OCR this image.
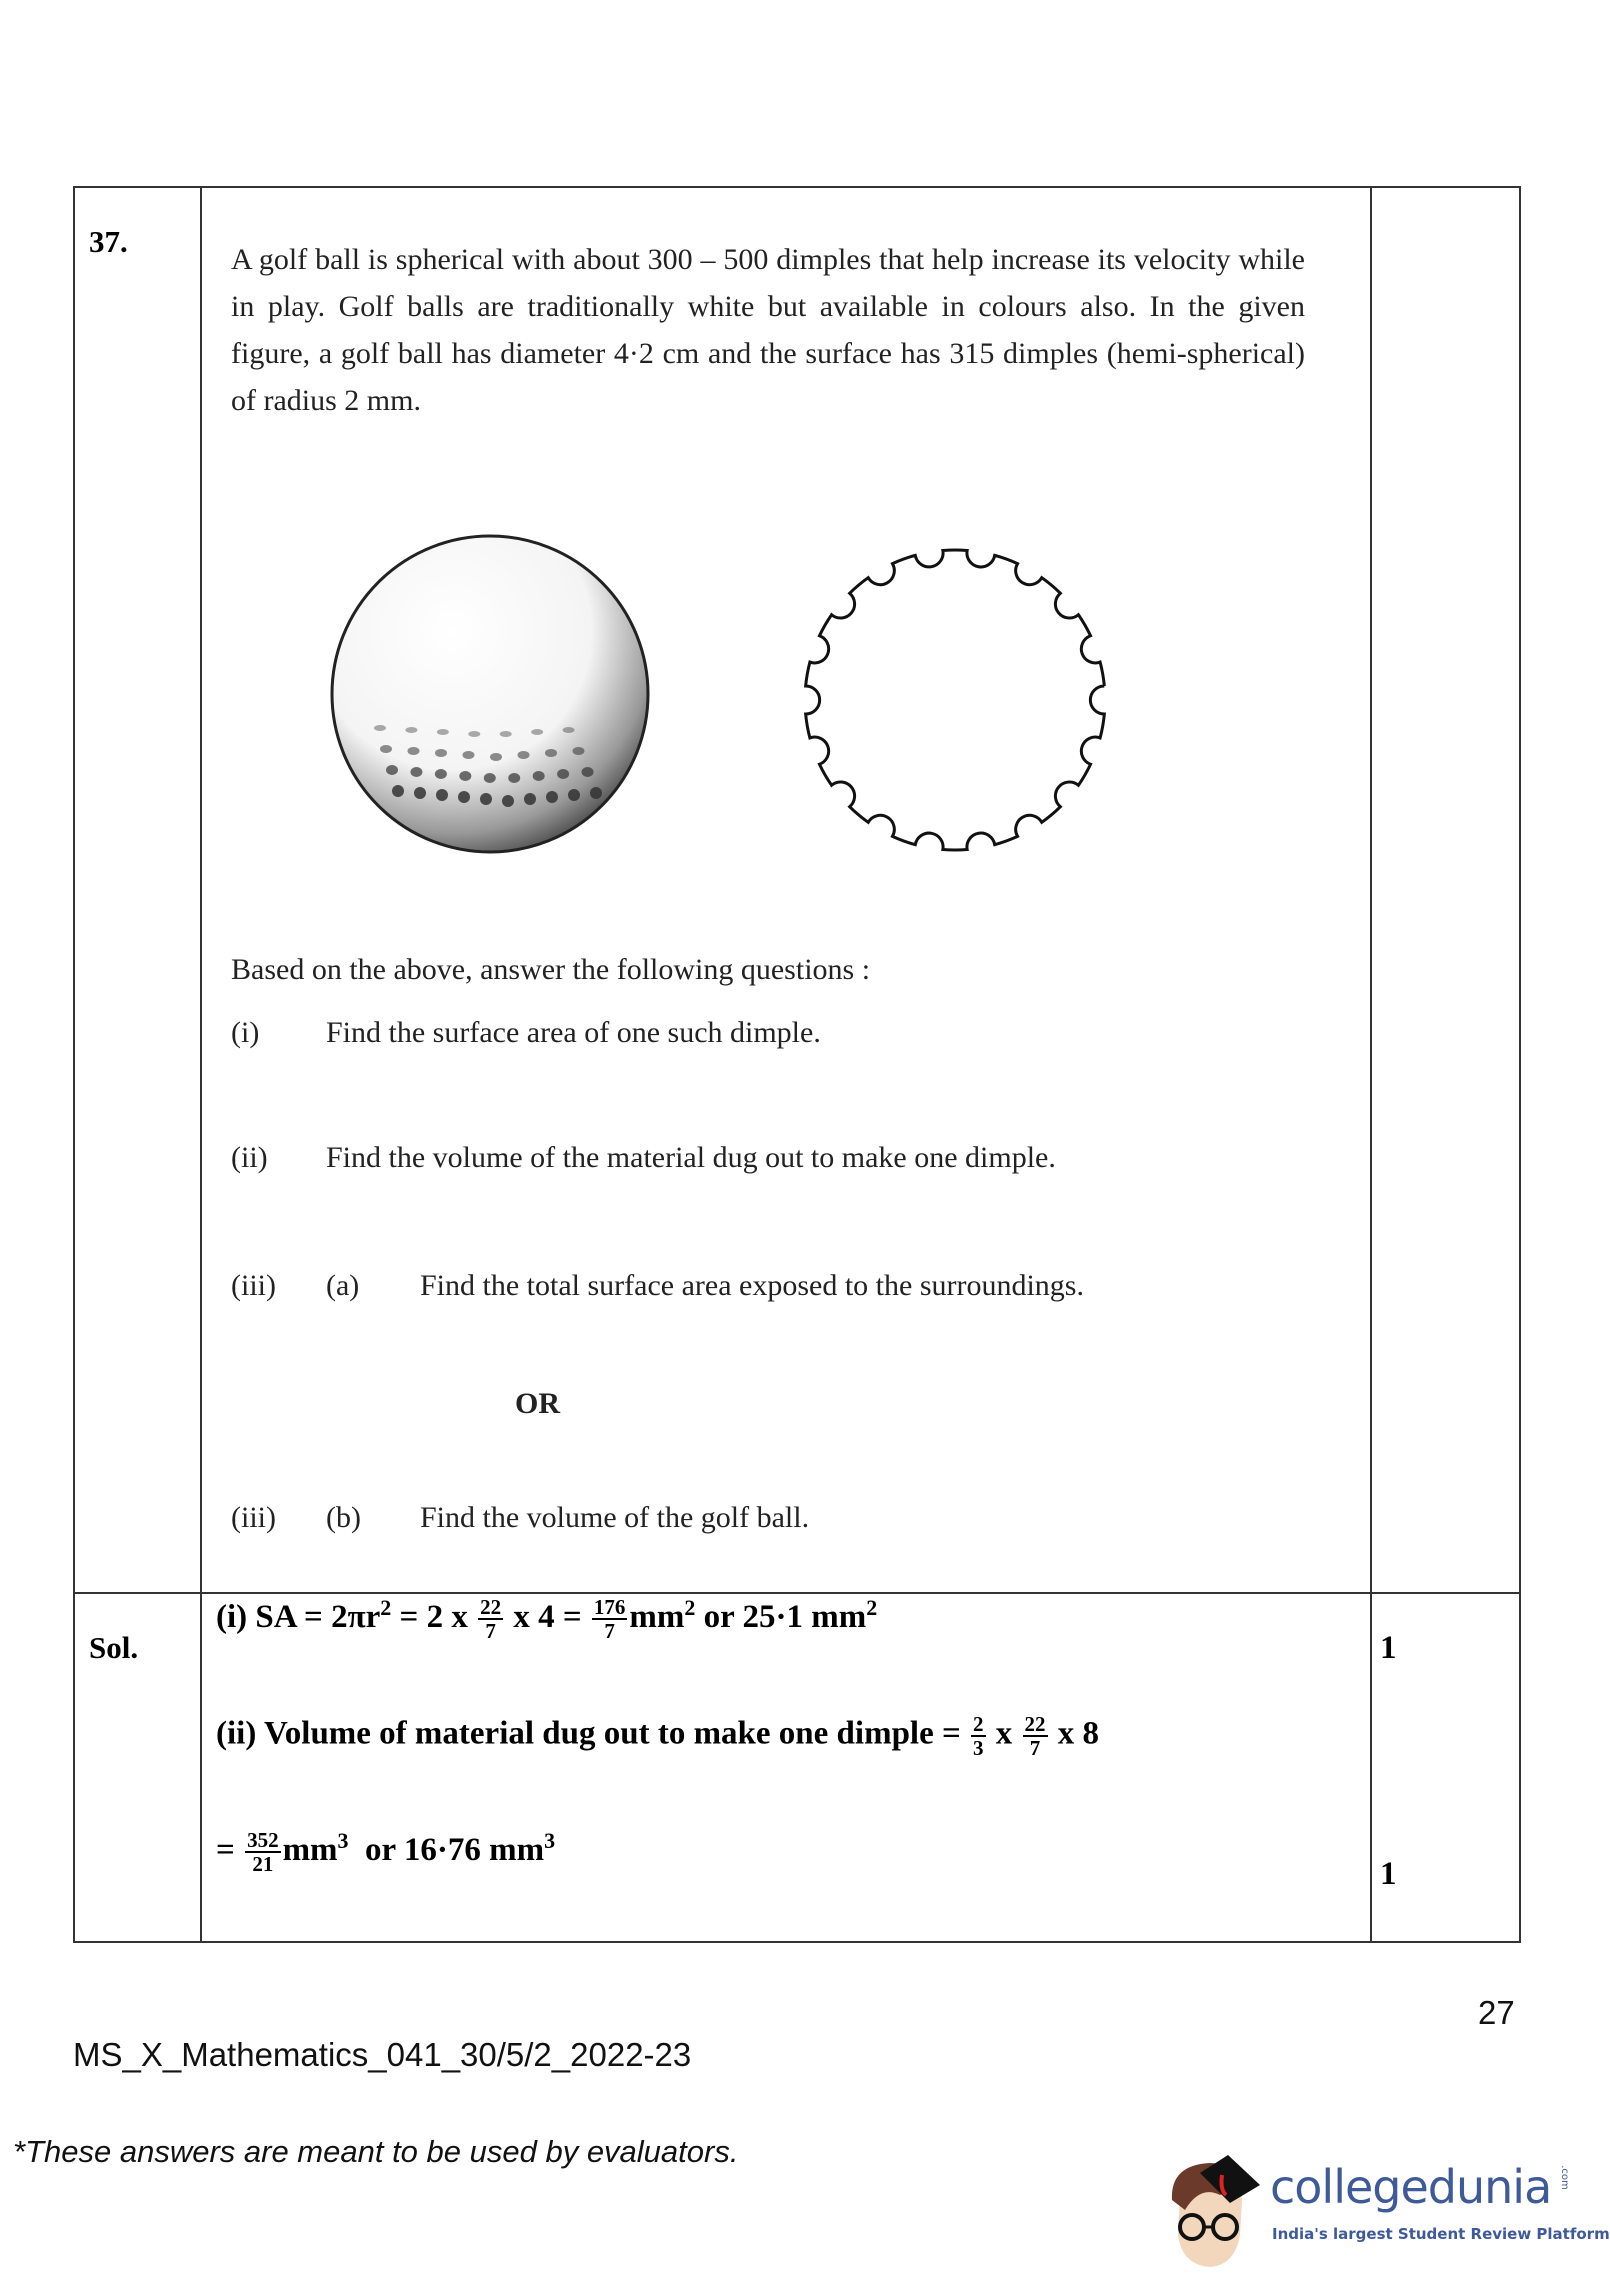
37.
A golf ball is spherical with about 300 – 500 dimples that help increase its velocity while in play. Golf balls are traditionally white but available in colours also. In the given figure, a golf ball has diameter 4·2 cm and the surface has 315 dimples (hemi-spherical) of radius 2 mm.
Based on the above, answer the following questions :
(i) Find the surface area of one such dimple.
(ii) Find the volume of the material dug out to make one dimple.
(iii) (a) Find the total surface area exposed to the surroundings.
OR
(iii) (b) Find the volume of the golf ball.
Sol.
(i) SA = $2\pi r^2 = 2$ x $\frac{22}{7}$ x $4 = \frac{176}{7} mm^2$ or 25·1 $mm^2$
(ii) Volume of material dug out to make one dimple = $\frac{2}{3}$ x $\frac{22}{7}$ x 8
= $\frac{352}{21} mm^3$  or 16·76 $mm^3$
1
1
27
MS_X_Mathematics_041_30/5/2_2022-23
*These answers are meant to be used by evaluators.
collegedunia .com
India's largest Student Review Platform
